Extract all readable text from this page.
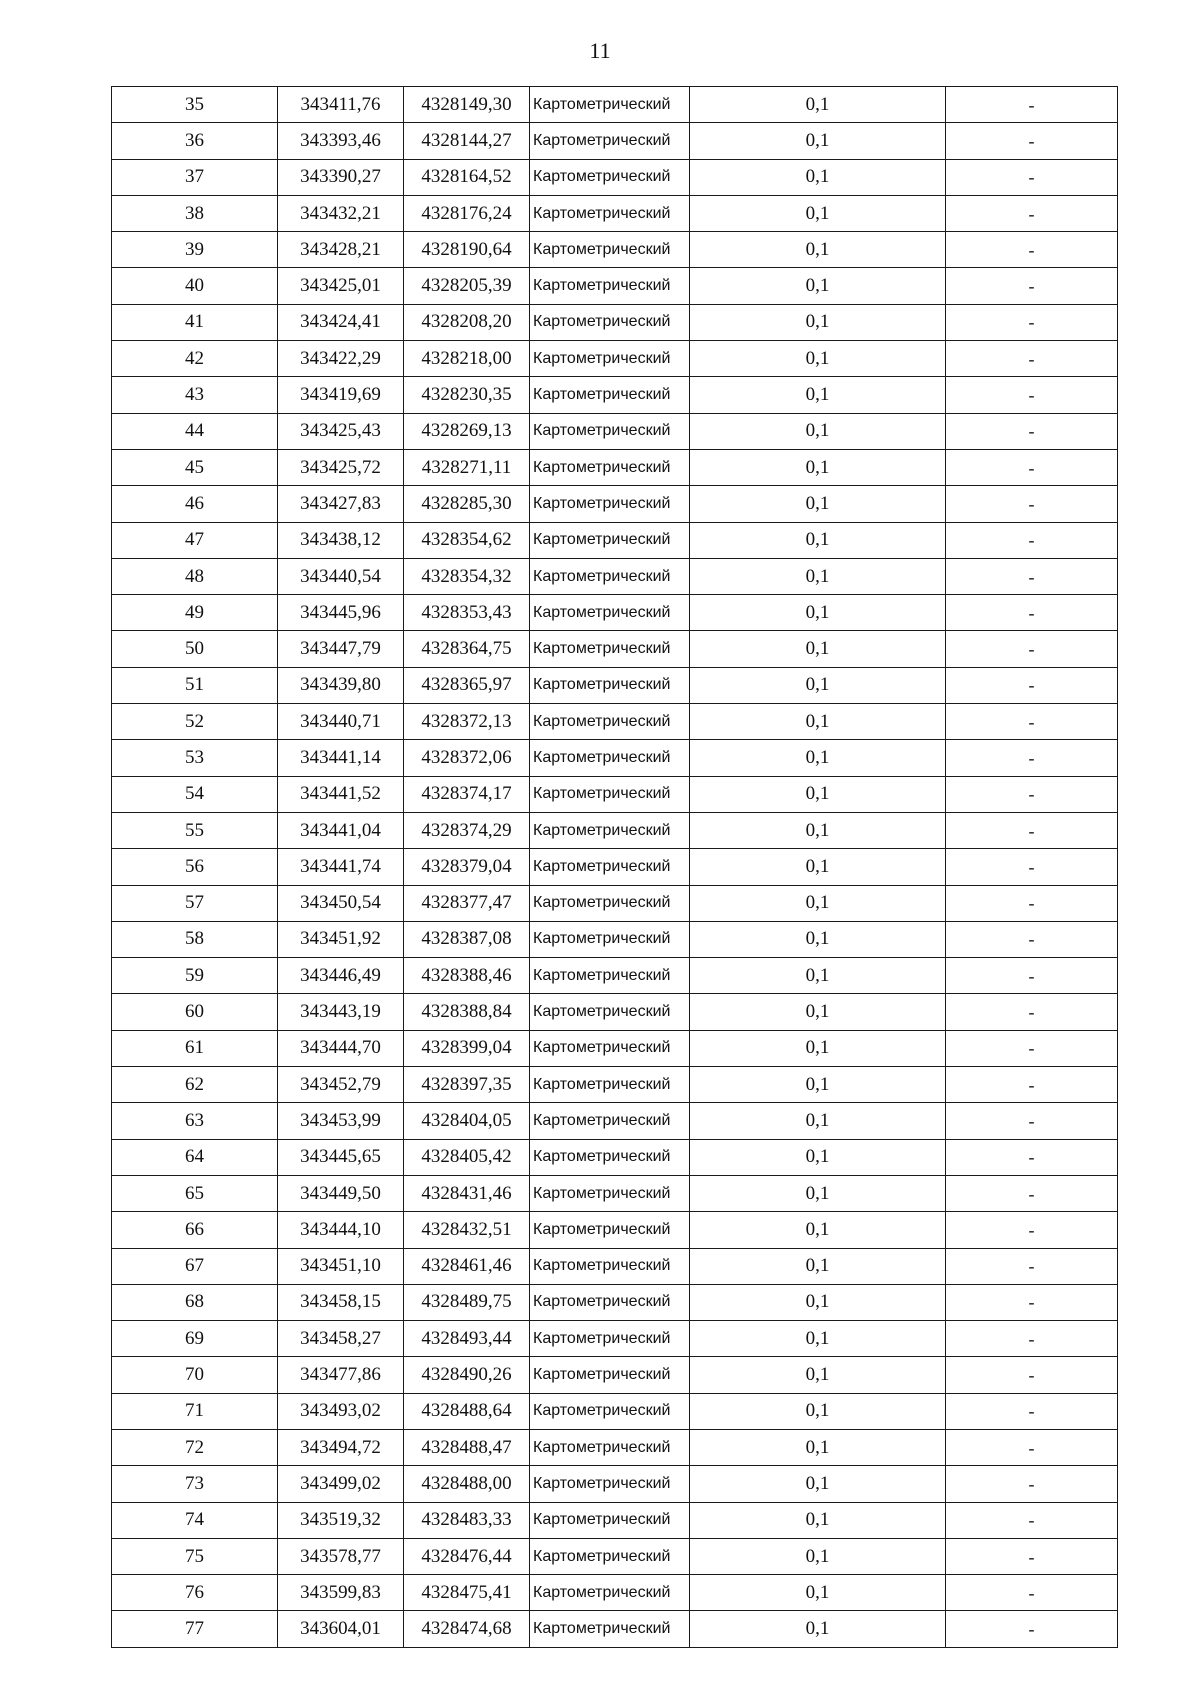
11
35	343411,76	4328149,30	Картометрический	0,1	-
36	343393,46	4328144,27	Картометрический	0,1	-
37	343390,27	4328164,52	Картометрический	0,1	-
38	343432,21	4328176,24	Картометрический	0,1	-
39	343428,21	4328190,64	Картометрический	0,1	-
40	343425,01	4328205,39	Картометрический	0,1	-
41	343424,41	4328208,20	Картометрический	0,1	-
42	343422,29	4328218,00	Картометрический	0,1	-
43	343419,69	4328230,35	Картометрический	0,1	-
44	343425,43	4328269,13	Картометрический	0,1	-
45	343425,72	4328271,11	Картометрический	0,1	-
46	343427,83	4328285,30	Картометрический	0,1	-
47	343438,12	4328354,62	Картометрический	0,1	-
48	343440,54	4328354,32	Картометрический	0,1	-
49	343445,96	4328353,43	Картометрический	0,1	-
50	343447,79	4328364,75	Картометрический	0,1	-
51	343439,80	4328365,97	Картометрический	0,1	-
52	343440,71	4328372,13	Картометрический	0,1	-
53	343441,14	4328372,06	Картометрический	0,1	-
54	343441,52	4328374,17	Картометрический	0,1	-
55	343441,04	4328374,29	Картометрический	0,1	-
56	343441,74	4328379,04	Картометрический	0,1	-
57	343450,54	4328377,47	Картометрический	0,1	-
58	343451,92	4328387,08	Картометрический	0,1	-
59	343446,49	4328388,46	Картометрический	0,1	-
60	343443,19	4328388,84	Картометрический	0,1	-
61	343444,70	4328399,04	Картометрический	0,1	-
62	343452,79	4328397,35	Картометрический	0,1	-
63	343453,99	4328404,05	Картометрический	0,1	-
64	343445,65	4328405,42	Картометрический	0,1	-
65	343449,50	4328431,46	Картометрический	0,1	-
66	343444,10	4328432,51	Картометрический	0,1	-
67	343451,10	4328461,46	Картометрический	0,1	-
68	343458,15	4328489,75	Картометрический	0,1	-
69	343458,27	4328493,44	Картометрический	0,1	-
70	343477,86	4328490,26	Картометрический	0,1	-
71	343493,02	4328488,64	Картометрический	0,1	-
72	343494,72	4328488,47	Картометрический	0,1	-
73	343499,02	4328488,00	Картометрический	0,1	-
74	343519,32	4328483,33	Картометрический	0,1	-
75	343578,77	4328476,44	Картометрический	0,1	-
76	343599,83	4328475,41	Картометрический	0,1	-
77	343604,01	4328474,68	Картометрический	0,1	-
